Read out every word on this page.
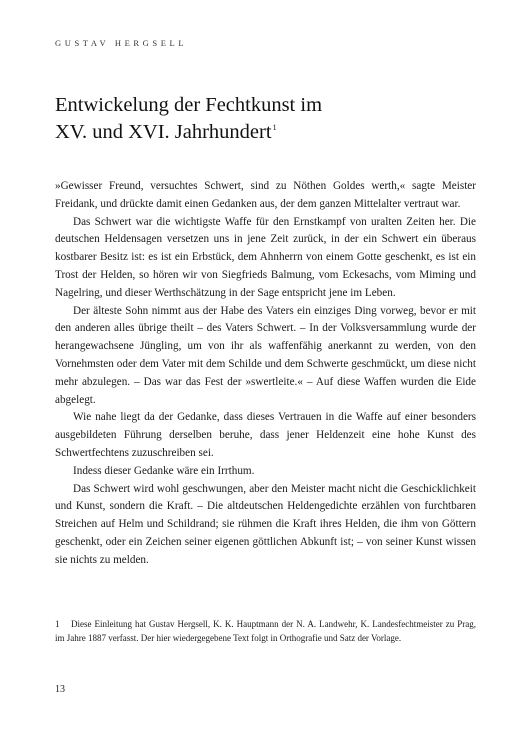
GUSTAV HERGSELL
Entwickelung der Fechtkunst im
XV. und XVI. Jahrhundert$^1$

»Gewisser Freund, versuchtes Schwert, sind zu Nöthen Goldes werth,« sagte Meister Freidank, und drückte damit einen Gedanken aus, der dem ganzen Mittelalter vertraut war.

Das Schwert war die wichtigste Waffe für den Ernstkampf von uralten Zeiten her. Die deutschen Heldensagen versetzen uns in jene Zeit zurück, in der ein Schwert ein überaus kostbarer Besitz ist: es ist ein Erbstück, dem Ahnherrn von einem Gotte geschenkt, es ist ein Trost der Helden, so hören wir von Siegfrieds Balmung, vom Eckesachs, vom Miming und Nagelring, und dieser Werthschätzung in der Sage entspricht jene im Leben.

Der älteste Sohn nimmt aus der Habe des Vaters ein einziges Ding vorweg, bevor er mit den anderen alles übrige theilt – des Vaters Schwert. – In der Volksversammlung wurde der herangewachsene Jüngling, um von ihr als waffenfähig anerkannt zu werden, von den Vornehmsten oder dem Vater mit dem Schilde und dem Schwerte geschmückt, um diese nicht mehr abzulegen. – Das war das Fest der »swertleite.« – Auf diese Waffen wurden die Eide abgelegt.

Wie nahe liegt da der Gedanke, dass dieses Vertrauen in die Waffe auf einer besonders ausgebildeten Führung derselben beruhe, dass jener Heldenzeit eine hohe Kunst des Schwertfechtens zuzuschreiben sei.

Indess dieser Gedanke wäre ein Irrthum.

Das Schwert wird wohl geschwungen, aber den Meister macht nicht die Geschicklichkeit und Kunst, sondern die Kraft. – Die altdeutschen Heldengedichte erzählen von furchtbaren Streichen auf Helm und Schildrand; sie rühmen die Kraft ihres Helden, die ihm von Göttern geschenkt, oder ein Zeichen seiner eigenen göttlichen Abkunft ist; – von seiner Kunst wissen sie nichts zu melden.

1 Diese Einleitung hat Gustav Hergsell, K. K. Hauptmann der N. A. Landwehr, K. Landesfechtmeister zu Prag, im Jahre 1887 verfasst. Der hier wiedergegebene Text folgt in Orthografie und Satz der Vorlage.
13
